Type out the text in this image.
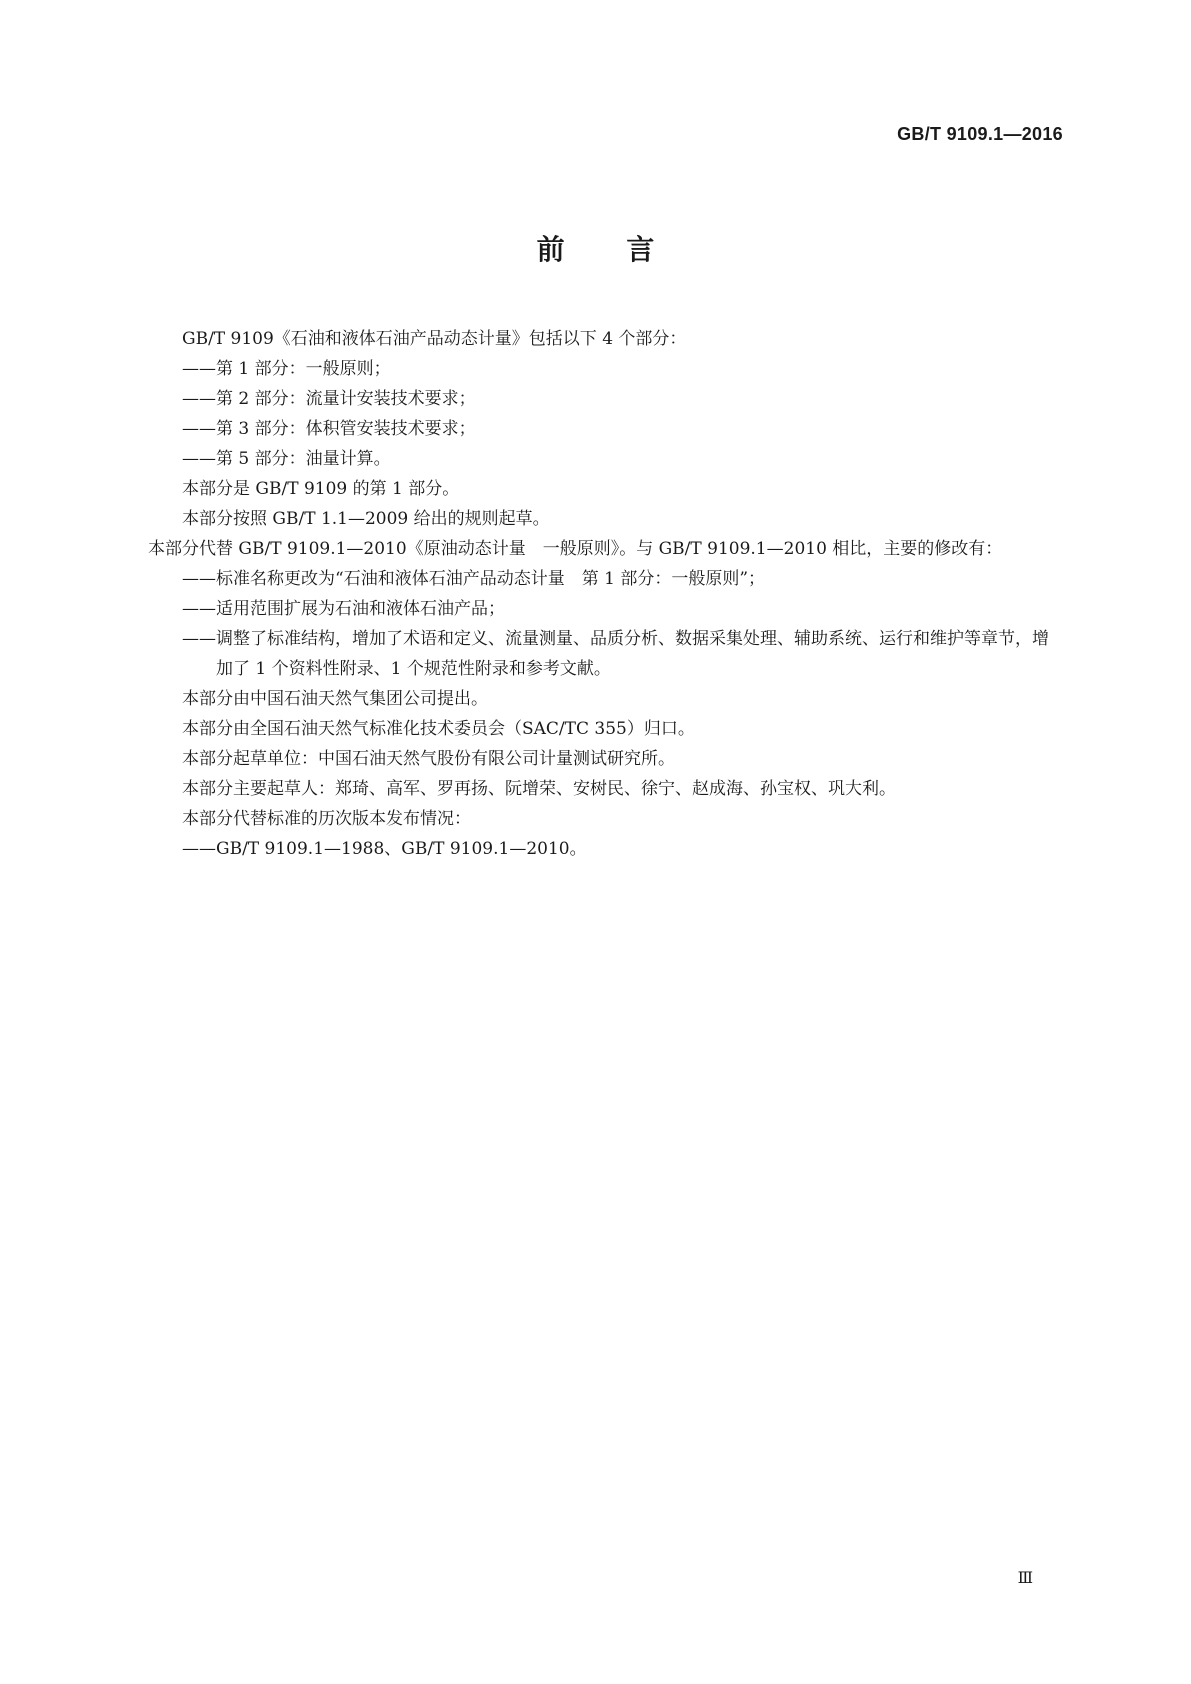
GB/T 9109.1—2016
前 言

GB/T 9109《石油和液体石油产品动态计量》包括以下 4 个部分：

——第 1 部分：一般原则；

——第 2 部分：流量计安装技术要求；

——第 3 部分：体积管安装技术要求；

——第 5 部分：油量计算。

本部分是 GB/T 9109 的第 1 部分。

本部分按照 GB/T 1.1—2009 给出的规则起草。

本部分代替 GB/T 9109.1—2010《原油动态计量　一般原则》。与 GB/T 9109.1—2010 相比，主要的修改有：

——标准名称更改为“石油和液体石油产品动态计量　第 1 部分：一般原则”；

——适用范围扩展为石油和液体石油产品；

——调整了标准结构，增加了术语和定义、流量测量、品质分析、数据采集处理、辅助系统、运行和维护等章节，增加了 1 个资料性附录、1 个规范性附录和参考文献。

本部分由中国石油天然气集团公司提出。

本部分由全国石油天然气标准化技术委员会（SAC/TC 355）归口。

本部分起草单位：中国石油天然气股份有限公司计量测试研究所。

本部分主要起草人：郑琦、高军、罗再扬、阮增荣、安树民、徐宁、赵成海、孙宝权、巩大利。

本部分代替标准的历次版本发布情况：

——GB/T 9109.1—1988、GB/T 9109.1—2010。

Ⅲ
